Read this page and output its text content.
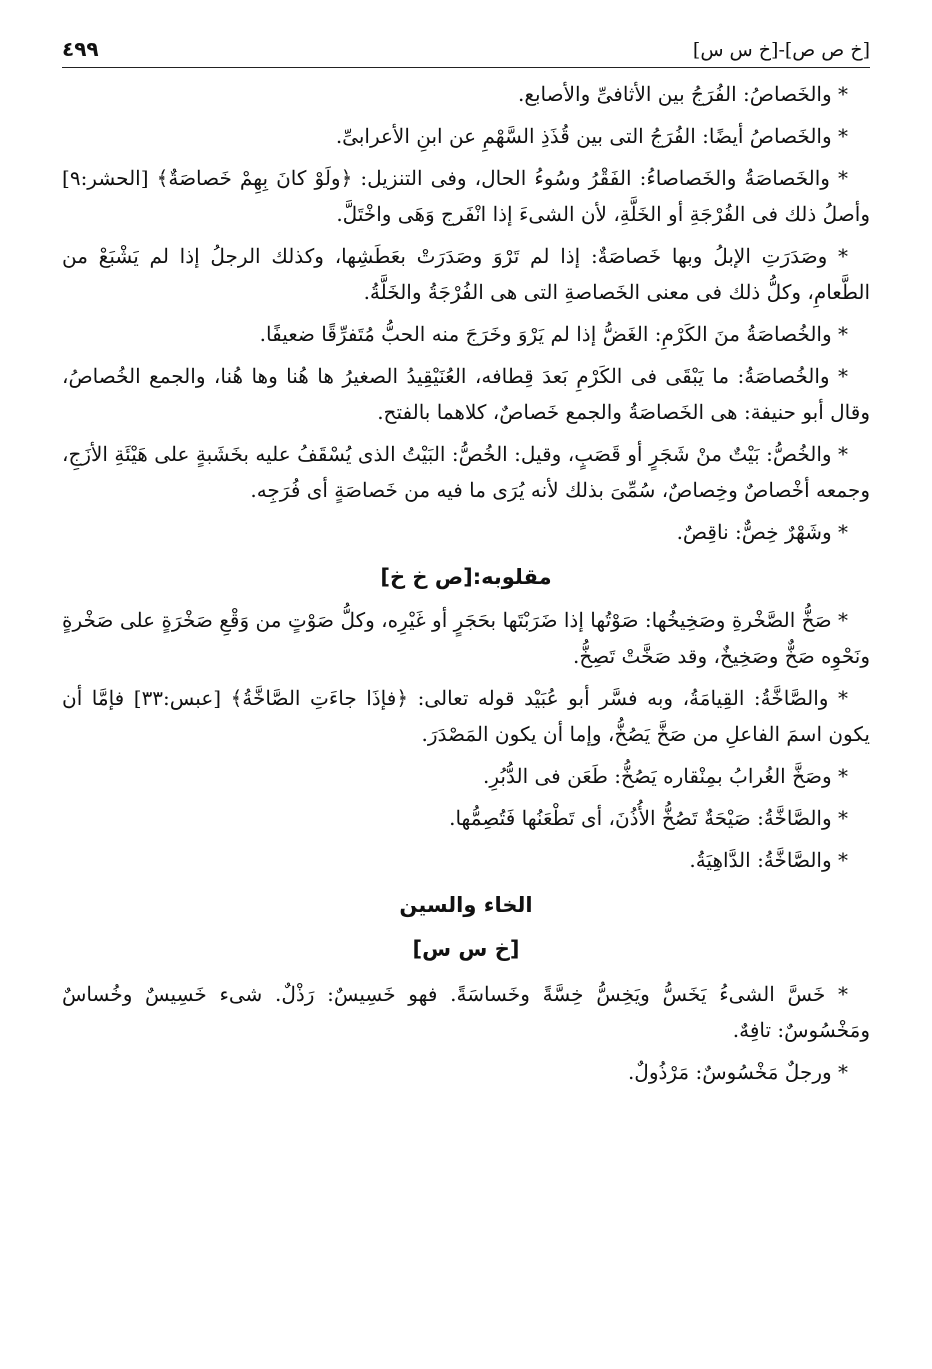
[خ ص ص]-[خ س س]
٤٩٩

* والخَصاصُ: الفُرَجُ بين الأثافىِّ والأصابع.

* والخَصاصُ أيضًا: الفُرَجُ التى بين قُذَذِ السَّهْمِ عن ابنِ الأعرابىِّ.

* والخَصاصَةُ والخَصاصاءُ: الفَقْرُ وسُوءُ الحال، وفى التنزيل: ﴿ولَوْ كانَ بِهِمْ خَصاصَةٌ﴾ [الحشر:٩] وأصلُ ذلك فى الفُرْجَةِ أو الخَلَّةِ، لأن الشىءَ إذا انْفَرج وَهَى واخْتَلَّ.

* وصَدَرَتِ الإبلُ وبها خَصاصَةٌ: إذا لم تَرْوَ وصَدَرَتْ بعَطَشِها، وكذلك الرجلُ إذا لم يَشْبَعْ من الطَّعامِ، وكلُّ ذلك فى معنى الخَصاصةِ التى هى الفُرْجَةُ والخَلَّةُ.

* والخُصاصَةُ منَ الكَرْمِ: الغَضُّ إذا لم يَرْوَ وخَرَجَ منه الحبُّ مُتَفرِّقًا ضعيفًا.

* والخُصاصَةُ: ما يَبْقَى فى الكَرْمِ بَعدَ قِطافه، العُنَيْقِيدُ الصغيرُ ها هُنا وها هُنا، والجمع الخُصاصُ، وقال أبو حنيفة: هى الخَصاصَةُ والجمع خَصاصٌ، كلاهما بالفتح.

* والخُصُّ: بَيْتٌ منْ شَجَرٍ أو قَصَبٍ، وقيل: الخُصُّ: البَيْتُ الذى يُسْقَفُ عليه بخَشَبةٍ على هَيْئَةِ الأزَجِ، وجمعه أخْصاصٌ وخِصاصٌ، سُمِّىَ بذلك لأنه يُرَى ما فيه من خَصاصَةٍ أى فُرَجِه.

* وشَهْرٌ خِصٌّ: ناقِصٌ.

مقلوبه:[ص خ خ]

* صَخُّ الصَّخْرةِ وصَخِيخُها: صَوْتُها إذا ضَرَبْتَها بحَجَرٍ أو غَيْرِه، وكلُّ صَوْتٍ من وَقْعِ صَخْرَةٍ على صَخْرةٍ ونَحْوِه صَخٌّ وصَخِيخٌ، وقد صَخَّتْ تَصِخُّ.

* والصَّاخَّةُ: القِيامَةُ، وبه فسَّر أبو عُبَيْد قوله تعالى: ﴿فإذَا جاءَتِ الصَّاخَّةُ﴾ [عبس:٣٣] فإمَّا أن يكون اسمَ الفاعلِ من صَخَّ يَصُخُّ، وإما أن يكون المَصْدَرَ.

* وصَخَّ الغُرابُ بمِنْقاره يَصُخُّ: طَعَن فى الدُّبُرِ.

* والصَّاخَّةُ: صَيْحَةٌ تَصُخُّ الأُذُنَ، أى تَطْعَنُها فَتُصِمُّها.

* والصَّاخَّةُ: الدَّاهِيَةُ.

الخاء والسين
[خ س س]

* خَسَّ الشىءُ يَخَسُّ ويَخِسُّ خِسَّةً وخَساسَةً. فهو خَسِيسٌ: رَذْلٌ. شىء خَسِيسٌ وخُساسٌ ومَخْسُوسٌ: تافِهٌ.

* ورجلٌ مَخْسُوسٌ: مَرْذُولٌ.
